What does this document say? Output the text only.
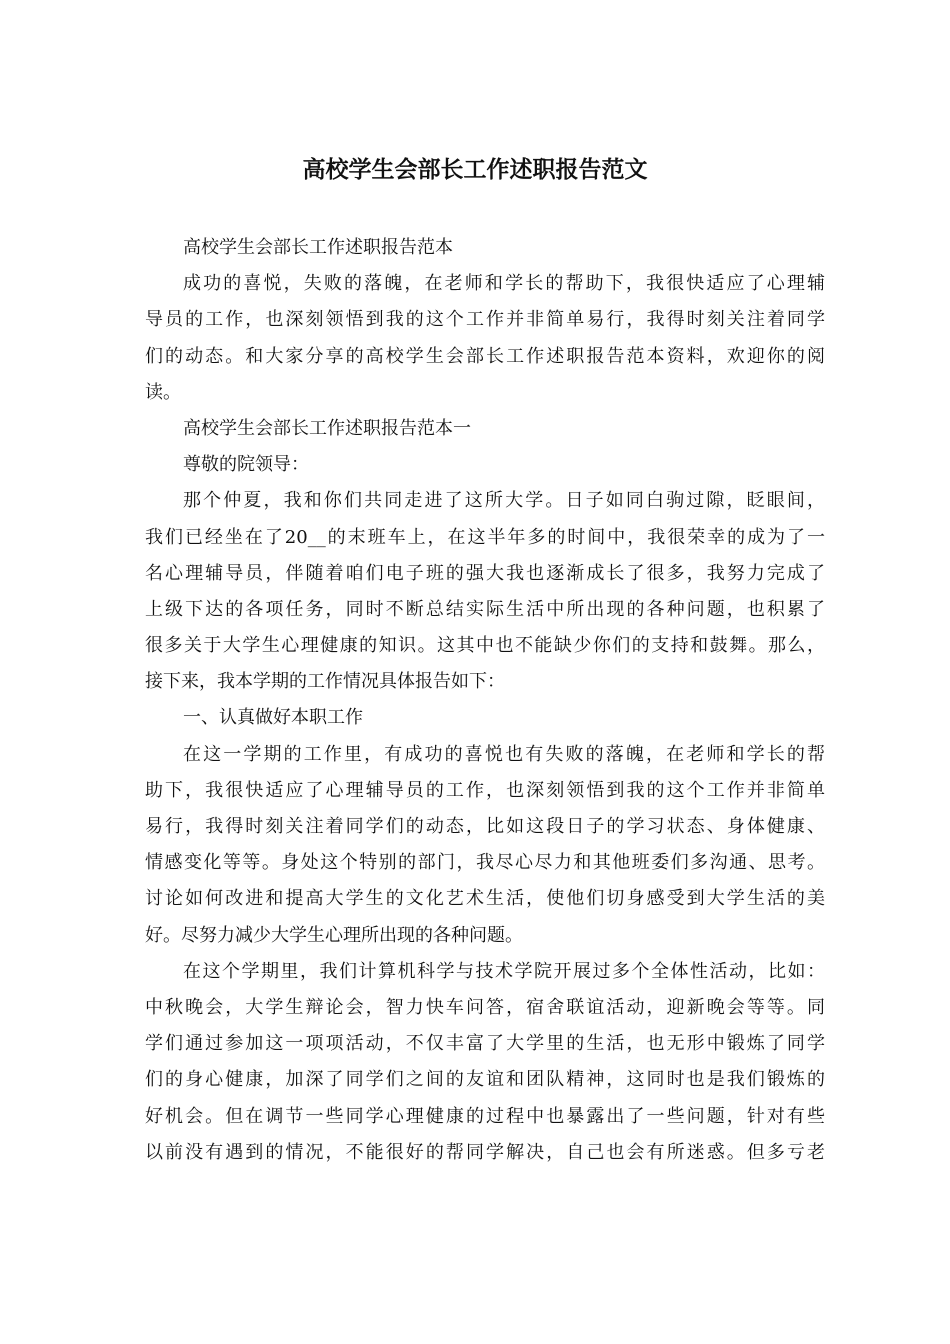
高校学生会部长工作述职报告范文
高校学生会部长工作述职报告范本
成功的喜悦，失败的落魄，在老师和学长的帮助下，我很快适应了心理辅
导员的工作，也深刻领悟到我的这个工作并非简单易行，我得时刻关注着同学
们的动态。和大家分享的高校学生会部长工作述职报告范本资料，欢迎你的阅
读。
高校学生会部长工作述职报告范本一
尊敬的院领导：
那个仲夏，我和你们共同走进了这所大学。日子如同白驹过隙，眨眼间，
我们已经坐在了20__的末班车上，在这半年多的时间中，我很荣幸的成为了一
名心理辅导员，伴随着咱们电子班的强大我也逐渐成长了很多，我努力完成了
上级下达的各项任务，同时不断总结实际生活中所出现的各种问题，也积累了
很多关于大学生心理健康的知识。这其中也不能缺少你们的支持和鼓舞。那么，
接下来，我本学期的工作情况具体报告如下：
一、认真做好本职工作
在这一学期的工作里，有成功的喜悦也有失败的落魄，在老师和学长的帮
助下，我很快适应了心理辅导员的工作，也深刻领悟到我的这个工作并非简单
易行，我得时刻关注着同学们的动态，比如这段日子的学习状态、身体健康、
情感变化等等。身处这个特别的部门，我尽心尽力和其他班委们多沟通、思考。
讨论如何改进和提高大学生的文化艺术生活，使他们切身感受到大学生活的美
好。尽努力减少大学生心理所出现的各种问题。
在这个学期里，我们计算机科学与技术学院开展过多个全体性活动，比如：
中秋晚会，大学生辩论会，智力快车问答，宿舍联谊活动，迎新晚会等等。同
学们通过参加这一项项活动，不仅丰富了大学里的生活，也无形中锻炼了同学
们的身心健康，加深了同学们之间的友谊和团队精神，这同时也是我们锻炼的
好机会。但在调节一些同学心理健康的过程中也暴露出了一些问题，针对有些
以前没有遇到的情况，不能很好的帮同学解决，自己也会有所迷惑。但多亏老
